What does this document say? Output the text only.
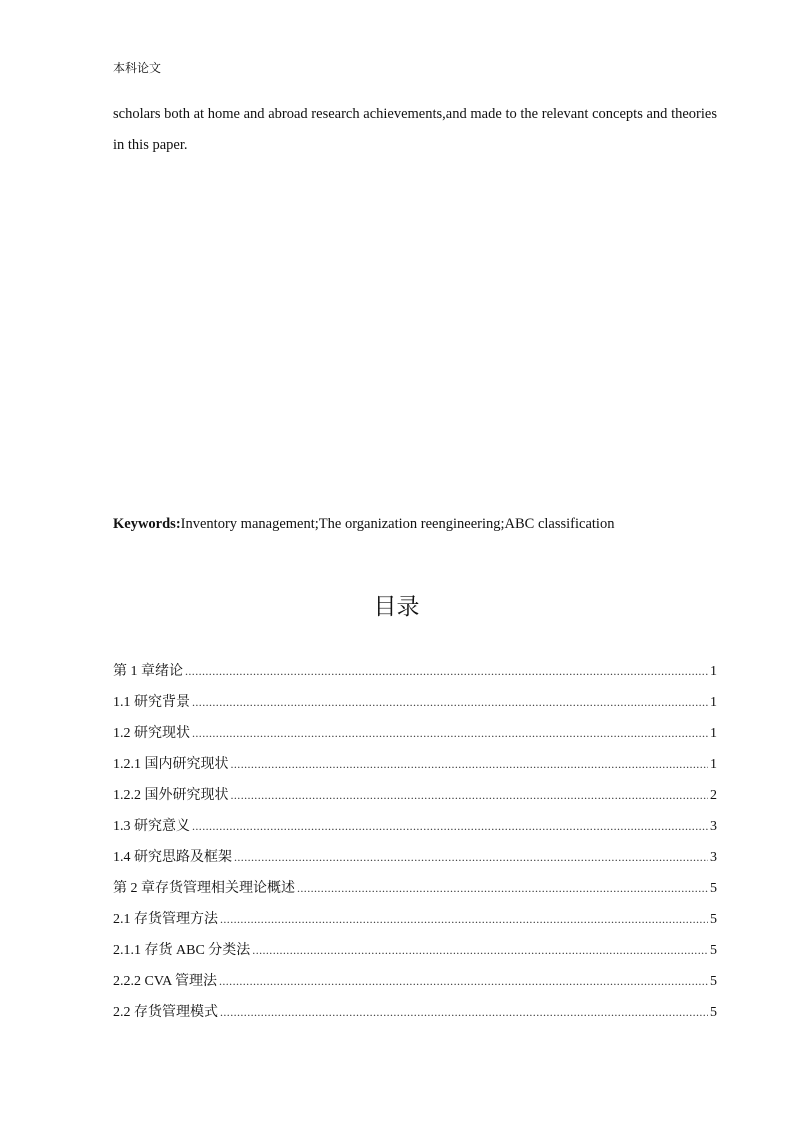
本科论文
scholars both at home and abroad research achievements,and made to the relevant concepts and theories in this paper.
Keywords:Inventory management;The organization reengineering;ABC classification
目录
第 1 章绪论 .....	1
1.1 研究背景 .....	1
1.2 研究现状 .....	1
1.2.1 国内研究现状 .....	1
1.2.2 国外研究现状 .....	2
1.3 研究意义 .....	3
1.4 研究思路及框架 .....	3
第 2 章存货管理相关理论概述 .....	5
2.1 存货管理方法 .....	5
2.1.1 存货 ABC 分类法 .....	5
2.2.2 CVA 管理法 .....	5
2.2 存货管理模式 .....	5
